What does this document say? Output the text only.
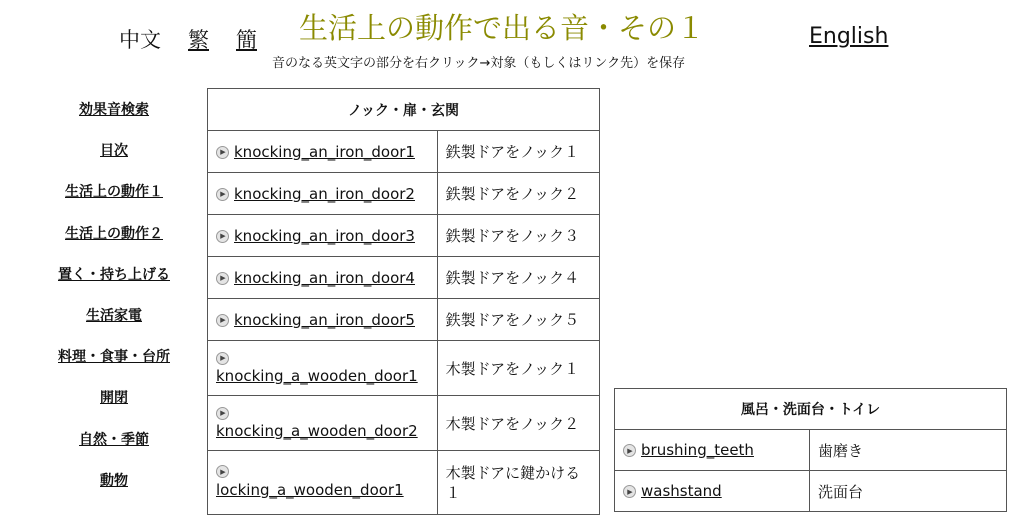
中文 繁 簡 生活上の動作で出る音・その１
音のなる英文字の部分を右クリック→対象（もしくはリンク先）を保存
English
効果音検索
目次
生活上の動作１
生活上の動作２
置く・持ち上げる
生活家電
料理・食事・台所
開閉
自然・季節
動物
ノック・扉・玄関	
▶knocking_an_iron_door1	鉄製ドアをノック１
▶knocking_an_iron_door2	鉄製ドアをノック２
▶knocking_an_iron_door3	鉄製ドアをノック３
▶knocking_an_iron_door4	鉄製ドアをノック４
▶knocking_an_iron_door5	鉄製ドアをノック５

▶
knocking_a_wooden_door1	木製ドアをノック１

▶
knocking_a_wooden_door2	木製ドアをノック２

▶
locking_a_wooden_door1	木製ドアに鍵かける１
風呂・洗面台・トイレ	
▶brushing_teeth	歯磨き
▶washstand	洗面台
